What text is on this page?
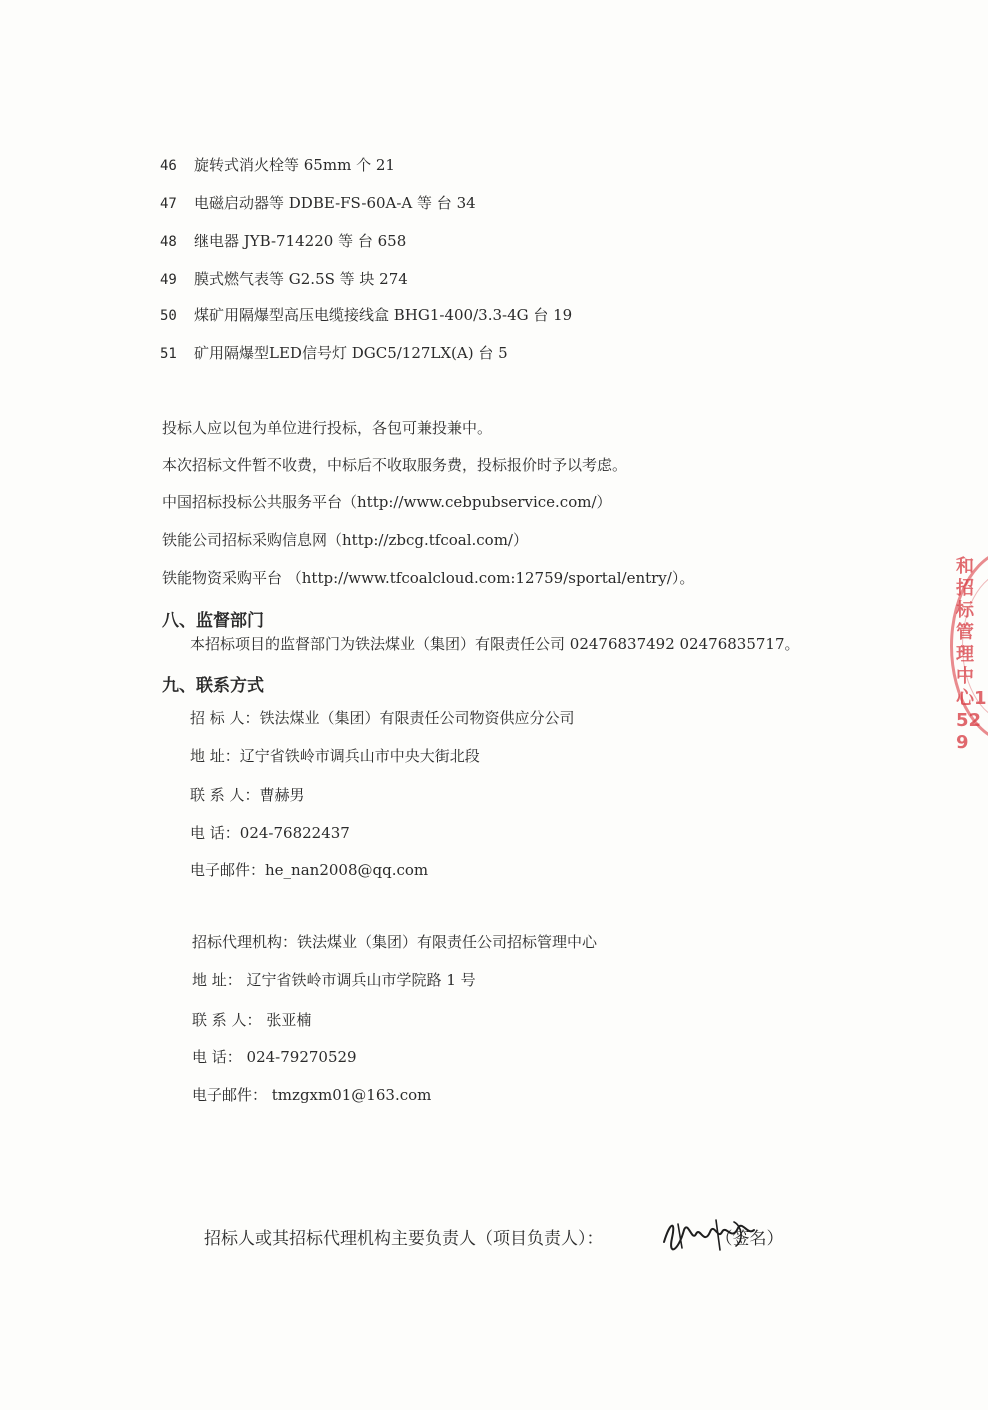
46 旋转式消火栓等 65mm 个 21
47 电磁启动器等 DDBE-FS-60A-A 等 台 34
48 继电器 JYB-714220 等 台 658
49 膜式燃气表等 G2.5S 等 块 274
50 煤矿用隔爆型高压电缆接线盒 BHG1-400/3.3-4G 台 19
51 矿用隔爆型LED信号灯 DGC5/127LX(A) 台 5
投标人应以包为单位进行投标，各包可兼投兼中。
本次招标文件暂不收费，中标后不收取服务费，投标报价时予以考虑。
中国招标投标公共服务平台（http://www.cebpubservice.com/）
铁能公司招标采购信息网（http://zbcg.tfcoal.com/）
铁能物资采购平台 （http://www.tfcoalcloud.com:12759/sportal/entry/）。
八、监督部门
本招标项目的监督部门为铁法煤业（集团）有限责任公司 02476837492 02476835717。
九、联系方式
招 标 人：铁法煤业（集团）有限责任公司物资供应分公司
地 址：辽宁省铁岭市调兵山市中央大街北段
联 系 人：曹赫男
电 话：024-76822437
电子邮件：he_nan2008@qq.com
招标代理机构：铁法煤业（集团）有限责任公司招标管理中心
地 址： 辽宁省铁岭市调兵山市学院路 1 号
联 系 人： 张亚楠
电 话： 024-79270529
电子邮件： tmzgxm01@163.com
招标人或其招标代理机构主要负责人（项目负责人）：	（签名）
和招标管理中心1529
